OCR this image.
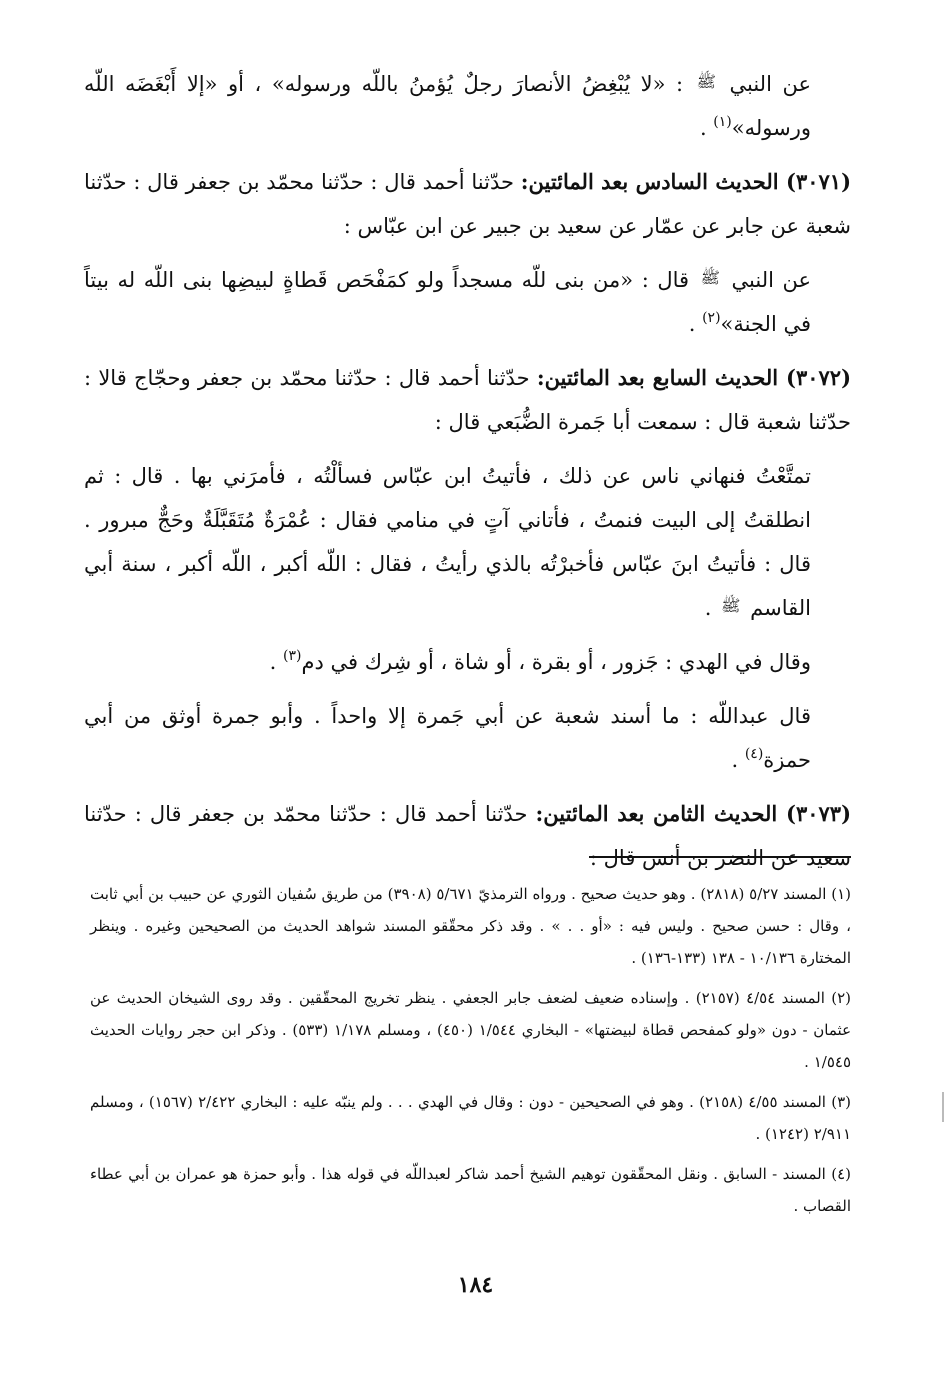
عن النبي ﷺ : «لا يُبْغِضُ الأنصارَ رجلٌ يُؤمنُ باللّه ورسوله» ، أو «إلا أَبْغَضَه اللّه ورسوله»$^{(١)}$ .

(٣٠٧١) الحديث السادس بعد المائتين: حدّثنا أحمد قال : حدّثنا محمّد بن جعفر قال : حدّثنا شعبة عن جابر عن عمّار عن سعيد بن جبير عن ابن عبّاس :

عن النبي ﷺ قال : «من بنى للّه مسجداً ولو كمَفْحَص قَطاةٍ لبيضِها بنى اللّه له بيتاً في الجنة»$^{(٢)}$ .

(٣٠٧٢) الحديث السابع بعد المائتين: حدّثنا أحمد قال : حدّثنا محمّد بن جعفر وحجّاج قالا : حدّثنا شعبة قال : سمعت أبا جَمرة الضُّبَعي قال :

تمتَّعْتُ فنهاني ناس عن ذلك ، فأتيتُ ابن عبّاس فسألْتُه ، فأمرَني بها . قال : ثم انطلقتُ إلى البيت فنمتُ ، فأتاني آتٍ في منامي فقال : عُمْرَةٌ مُتَقَبَّلَةٌ وحَجٌّ مبرور . قال : فأتيتُ ابنَ عبّاس فأخبرْتُه بالذي رأيتُ ، فقال : اللّه أكبر ، اللّه أكبر ، سنة أبي القاسم ﷺ .

وقال في الهدي : جَزور ، أو بقرة ، أو شاة ، أو شِرك في دم$^{(٣)}$ .

قال عبداللّه : ما أسند شعبة عن أبي جَمرة إلا واحداً . وأبو جمرة أوثق من أبي حمزة$^{(٤)}$ .

(٣٠٧٣) الحديث الثامن بعد المائتين: حدّثنا أحمد قال : حدّثنا محمّد بن جعفر قال : حدّثنا سعيد عن النضر بن أنس قال :

(١) المسند ٥/٢٧ (٢٨١٨) . وهو حديث صحيح . ورواه الترمذيّ ٥/٦٧١ (٣٩٠٨) من طريق سُفيان الثوري عن حبيب بن أبي ثابت ، وقال : حسن صحيح . وليس فيه : «أو . . » . وقد ذكر محقّقو المسند شواهد الحديث من الصحيحين وغيره . وينظر المختارة ١٠/١٣٦ - ١٣٨ (١٣٣-١٣٦) .

(٢) المسند ٤/٥٤ (٢١٥٧) . وإسناده ضعيف لضعف جابر الجعفي . ينظر تخريج المحقّقين . وقد روى الشيخان الحديث عن عثمان - دون «ولو كمفحص قطاة لبيضتها» - البخاري ١/٥٤٤ (٤٥٠) ، ومسلم ١/١٧٨ (٥٣٣) . وذكر ابن حجر روايات الحديث ١/٥٤٥ .

(٣) المسند ٤/٥٥ (٢١٥٨) . وهو في الصحيحين - دون : وقال في الهدي . . . ولم ينبّه عليه : البخاري ٢/٤٢٢ (١٥٦٧) ، ومسلم ٢/٩١١ (١٢٤٢) .

(٤) المسند - السابق . ونقل المحقّقون توهيم الشيخ أحمد شاكر لعبداللّه في قوله هذا . وأبو حمزة هو عمران بن أبي عطاء القصاب .

١٨٤
